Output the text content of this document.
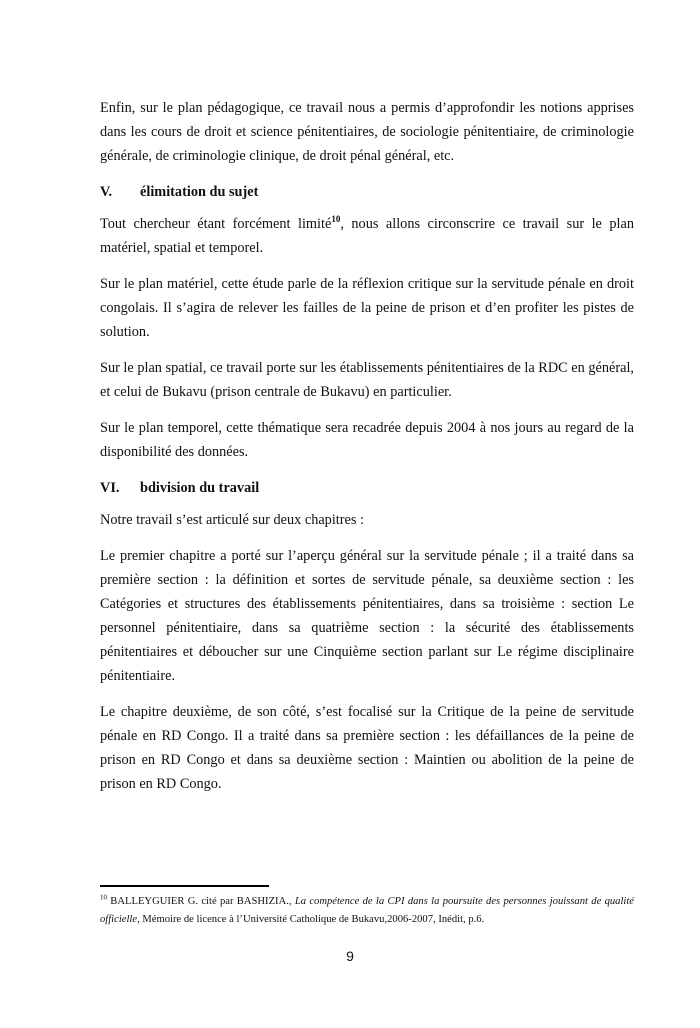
Enfin, sur le plan pédagogique, ce travail nous a permis d’approfondir les notions apprises dans les cours de droit et science pénitentiaires, de sociologie pénitentiaire, de criminologie générale, de criminologie clinique, de droit pénal général, etc.

V. élimitation du sujet

Tout chercheur étant forcément limité$^{10}$, nous allons circonscrire ce travail sur le plan matériel, spatial et temporel.

Sur le plan matériel, cette étude parle de la réflexion critique sur la servitude pénale en droit congolais. Il s’agira de relever les failles de la peine de prison et d’en profiter les pistes de solution.

Sur le plan spatial, ce travail porte sur les établissements pénitentiaires de la RDC en général, et celui de Bukavu (prison centrale de Bukavu) en particulier.

Sur le plan temporel, cette thématique sera recadrée depuis 2004 à nos jours au regard de la disponibilité des données.

VI. bdivision du travail

Notre travail s’est articulé sur deux chapitres :

Le premier chapitre a porté sur l’aperçu général sur la servitude pénale ; il a traité dans sa première section : la définition et sortes de servitude pénale, sa deuxième section : les Catégories et structures des établissements pénitentiaires, dans sa troisième : section Le personnel pénitentiaire, dans sa quatrième section : la sécurité des établissements pénitentiaires et déboucher sur une Cinquième section parlant sur Le régime disciplinaire pénitentiaire.

Le chapitre deuxième, de son côté, s’est focalisé sur la Critique de la peine de servitude pénale en RD Congo. Il a traité dans sa première section : les défaillances de la peine de prison en RD Congo et dans sa deuxième section : Maintien ou abolition de la peine de prison en RD Congo.

$^{10}$ BALLEYGUIER G. cité par BASHIZIA., La compétence de la CPI dans la poursuite des personnes jouissant de qualité officielle, Mémoire de licence à l’Université Catholique de Bukavu,2006-2007, Inédit, p.6.
9
